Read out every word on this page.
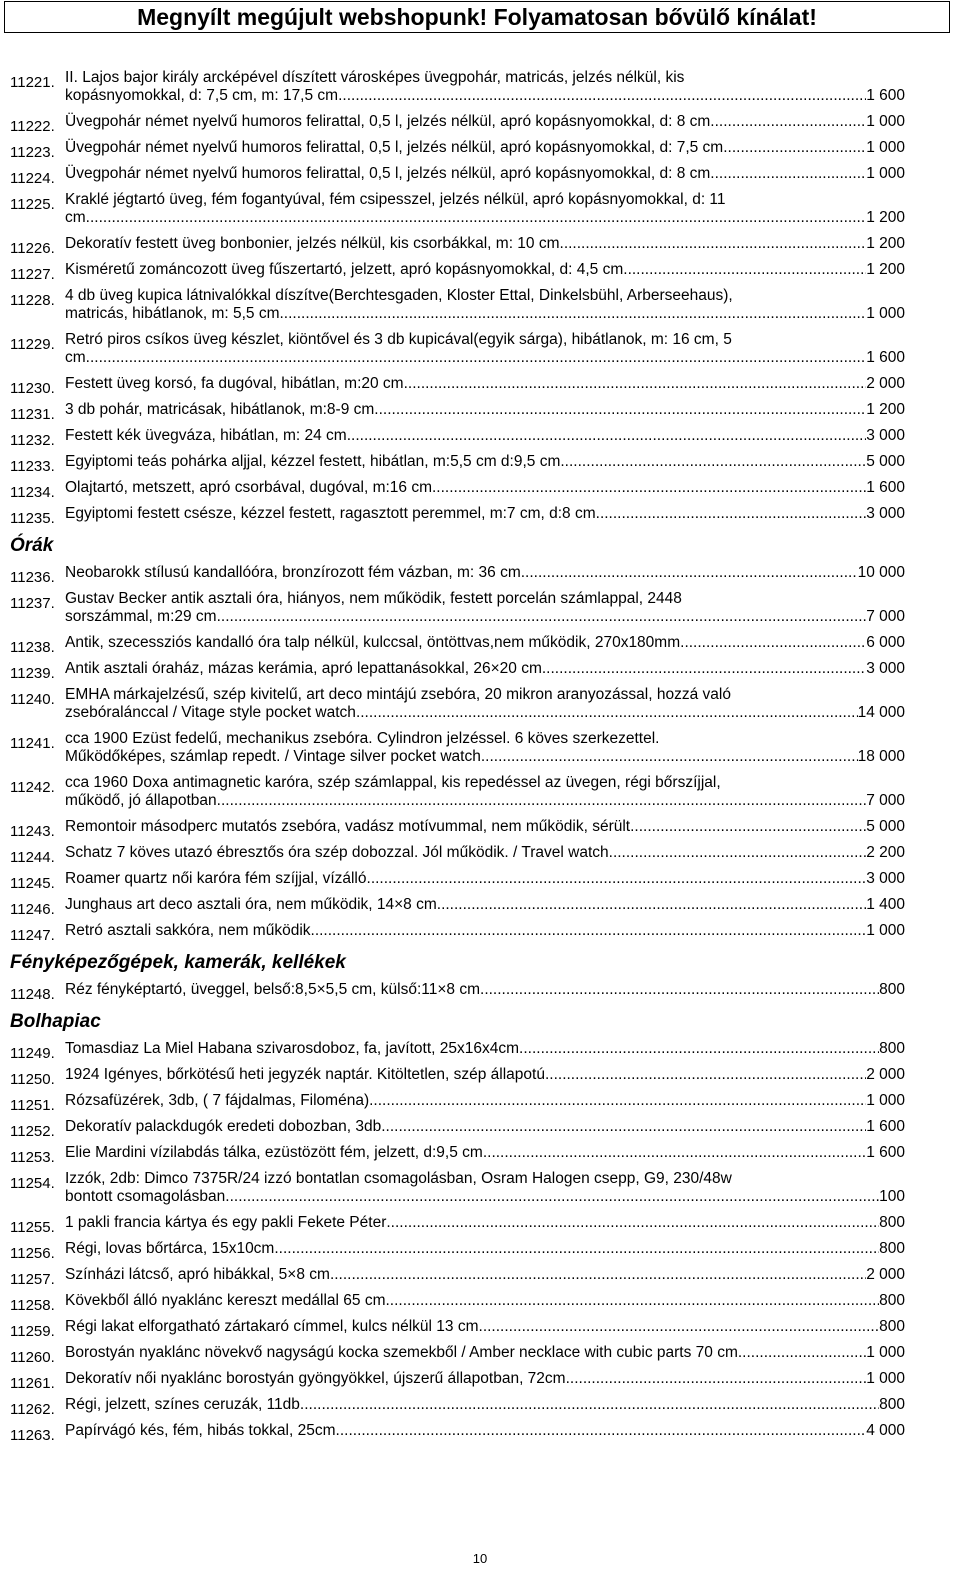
Megnyílt megújult webshopunk! Folyamatosan bővülő kínálat!
11221. II. Lajos bajor király arcképével díszített városképes üvegpohár, matricás, jelzés nélkül, kis
kopásnyomokkal, d: 7,5 cm, m: 17,5 cm .....	1 600
11222. Üvegpohár német nyelvű humoros felirattal, 0,5 l, jelzés nélkül, apró kopásnyomokkal, d: 8 cm .....	1 000
11223. Üvegpohár német nyelvű humoros felirattal, 0,5 l, jelzés nélkül, apró kopásnyomokkal, d: 7,5 cm .....	1 000
11224. Üvegpohár német nyelvű humoros felirattal, 0,5 l, jelzés nélkül, apró kopásnyomokkal, d: 8 cm .....	1 000
11225. Kraklé jégtartó üveg, fém fogantyúval, fém csipesszel, jelzés nélkül, apró kopásnyomokkal, d: 11
cm .....	1 200
11226. Dekoratív festett üveg bonbonier, jelzés nélkül, kis csorbákkal, m: 10 cm .....	1 200
11227. Kisméretű zománcozott üveg fűszertartó, jelzett, apró kopásnyomokkal, d: 4,5 cm .....	1 200
11228. 4 db üveg kupica látnivalókkal díszítve(Berchtesgaden, Kloster Ettal, Dinkelsbühl, Arberseehaus),
matricás, hibátlanok, m: 5,5 cm .....	1 000
11229. Retró piros csíkos üveg készlet, kiöntővel és 3 db kupicával(egyik sárga), hibátlanok, m: 16 cm, 5
cm .....	1 600
11230. Festett üveg korsó, fa dugóval, hibátlan, m:20 cm .....	2 000
11231. 3 db pohár, matricásak, hibátlanok, m:8-9 cm .....	1 200
11232. Festett kék üvegváza, hibátlan, m: 24 cm .....	3 000
11233. Egyiptomi teás pohárka aljjal, kézzel festett, hibátlan, m:5,5 cm d:9,5 cm .....	5 000
11234. Olajtartó, metszett, apró csorbával, dugóval, m:16 cm .....	1 600
11235. Egyiptomi festett csésze, kézzel festett, ragasztott peremmel, m:7 cm, d:8 cm .....	3 000
Órák
11236. Neobarokk stílusú kandallóóra, bronzírozott fém vázban, m: 36 cm .....	10 000
11237. Gustav Becker antik asztali óra, hiányos, nem működik, festett porcelán számlappal, 2448
sorszámmal, m:29 cm .....	7 000
11238. Antik, szecessziós kandalló óra talp nélkül, kulccsal, öntöttvas,nem működik, 270x180mm .....	6 000
11239. Antik asztali óraház, mázas kerámia, apró lepattanásokkal, 26×20 cm .....	3 000
11240. EMHA márkajelzésű, szép kivitelű, art deco mintájú zsebóra, 20 mikron aranyozással, hozzá való
zsebóralánccal / Vitage style pocket watch .....	14 000
11241. cca 1900 Ezüst fedelű, mechanikus zsebóra. Cylindron jelzéssel. 6 köves szerkezettel.
Működőképes, számlap repedt. / Vintage silver pocket watch .....	18 000
11242. cca 1960 Doxa antimagnetic karóra, szép számlappal, kis repedéssel az üvegen, régi bőrszíjjal,
működő, jó állapotban .....	7 000
11243. Remontoir másodperc mutatós zsebóra, vadász motívummal, nem működik, sérült .....	5 000
11244. Schatz 7 köves utazó ébresztős óra szép dobozzal. Jól működik. / Travel watch .....	2 200
11245. Roamer quartz női karóra fém szíjjal, vízálló .....	3 000
11246. Junghaus art deco asztali óra, nem működik, 14×8 cm .....	1 400
11247. Retró asztali sakkóra, nem működik .....	1 000
Fényképezőgépek, kamerák, kellékek
11248. Réz fényképtartó, üveggel, belső:8,5×5,5 cm, külső:11×8 cm .....	800
Bolhapiac
11249. Tomasdiaz La Miel Habana szivarosdoboz, fa, javított, 25x16x4cm .....	800
11250. 1924 Igényes, bőrkötésű heti jegyzék naptár. Kitöltetlen, szép állapotú .....	2 000
11251. Rózsafüzérek, 3db, ( 7 fájdalmas, Filoména) .....	1 000
11252. Dekoratív palackdugók eredeti dobozban, 3db .....	1 600
11253. Elie Mardini vízilabdás tálka, ezüstözött fém, jelzett, d:9,5 cm .....	1 600
11254. Izzók, 2db: Dimco 7375R/24 izzó bontatlan csomagolásban, Osram Halogen csepp, G9, 230/48w
bontott csomagolásban .....	100
11255. 1 pakli francia kártya és egy pakli Fekete Péter .....	800
11256. Régi, lovas bőrtárca, 15x10cm .....	800
11257. Színházi látcső, apró hibákkal, 5×8 cm .....	2 000
11258. Kövekből álló nyaklánc kereszt medállal 65 cm .....	800
11259. Régi lakat elforgatható zártakaró címmel, kulcs nélkül 13 cm .....	800
11260. Borostyán nyaklánc növekvő nagyságú kocka szemekből / Amber necklace with cubic parts 70 cm.. .....	1 000
11261. Dekoratív női nyaklánc borostyán gyöngyökkel, újszerű állapotban, 72cm .....	1 000
11262. Régi, jelzett, színes ceruzák, 11db .....	800
11263. Papírvágó kés, fém, hibás tokkal, 25cm .....	4 000
10
